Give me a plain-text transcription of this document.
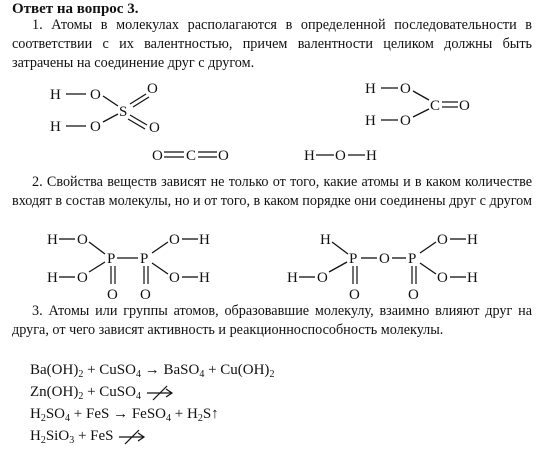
Ответ на вопрос 3.
1. Атомы в молекулах располагаются в определенной последовательности в соответствии с их валентностью, причем валентности целиком должны быть затрачены на соединение друг с другом.
H O
H O
S
O
O
H O
H O
C O
O C O	H O H
2. Свойства веществ зависят не только от того, какие атомы и в каком количестве входят в состав молекулы, но и от того, в каком порядке они соединены друг с другом
H O
H O
P P
O O
O H
O H
H
H O
P
O
O P
O
O H
O H
3. Атомы или группы атомов, образовавшие молекулу, взаимно влияют друг на друга, от чего зависят активность и реакционноспособность молекулы.
$Ba(OH)_2$ + CuSO$_4$ → BaSO$_4$ + $Cu(OH)_2$
$Zn(OH)_2$ + CuSO$_4$
$H_2SO_4$ + FeS → FeSO$_4$ + $H_2S↑$
$H_2SiO_3$ + FeS
